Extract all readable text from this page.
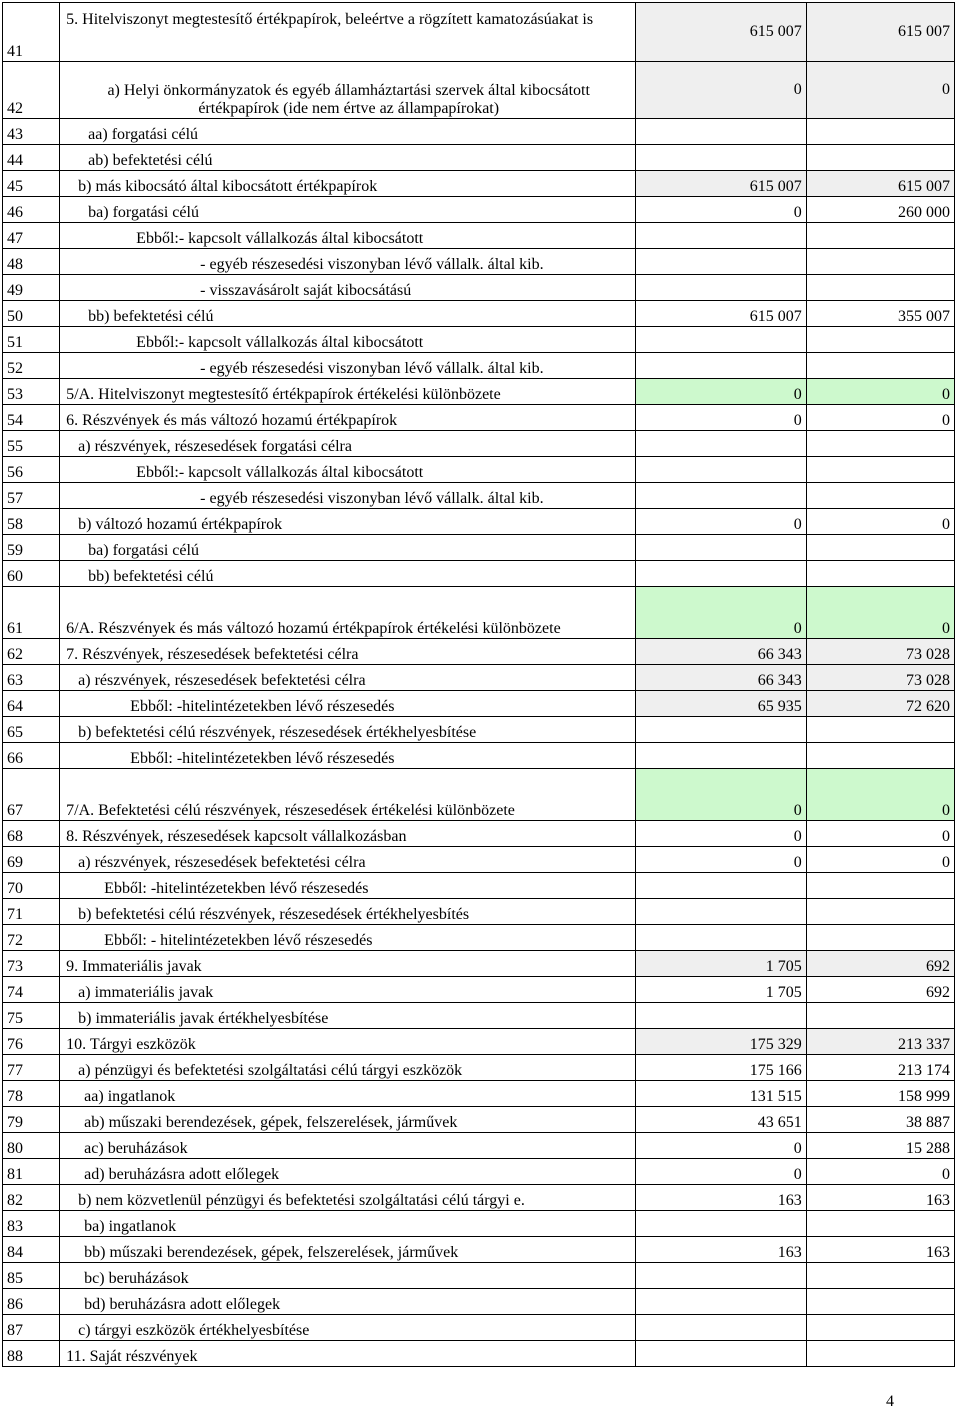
41	5. Hitelviszonyt megtestesítő értékpapírok, beleértve a rögzített kamatozásúakat is	615 007	615 007
42	a) Helyi önkormányzatok és egyéb államháztartási szervek által kibocsátott értékpapírok (ide nem értve az állampapírokat)	0	0
43	aa) forgatási célú		
44	ab) befektetési célú		
45	b) más kibocsátó által kibocsátott értékpapírok	615 007	615 007
46	ba) forgatási célú	0	260 000
47	Ebből:- kapcsolt vállalkozás által kibocsátott		
48	- egyéb részesedési viszonyban lévő vállalk. által kib.		
49	- visszavásárolt saját kibocsátású		
50	bb) befektetési célú	615 007	355 007
51	Ebből:- kapcsolt vállalkozás által kibocsátott		
52	- egyéb részesedési viszonyban lévő vállalk. által kib.		
53	5/A. Hitelviszonyt megtestesítő értékpapírok értékelési különbözete	0	0
54	6. Részvények és más változó hozamú értékpapírok	0	0
55	a) részvények, részesedések forgatási célra		
56	Ebből:- kapcsolt vállalkozás által kibocsátott		
57	- egyéb részesedési viszonyban lévő vállalk. által kib.		
58	b) változó hozamú értékpapírok	0	0
59	ba) forgatási célú		
60	bb) befektetési célú		
61	6/A. Részvények és más változó hozamú értékpapírok értékelési különbözete	0	0
62	7. Részvények, részesedések befektetési célra	66 343	73 028
63	a) részvények, részesedések befektetési célra	66 343	73 028
64	Ebből: -hitelintézetekben lévő részesedés	65 935	72 620
65	b) befektetési célú részvények, részesedések értékhelyesbítése		
66	Ebből: -hitelintézetekben lévő részesedés		
67	7/A. Befektetési célú részvények, részesedések értékelési különbözete	0	0
68	8. Részvények, részesedések kapcsolt vállalkozásban	0	0
69	a) részvények, részesedések befektetési célra	0	0
70	Ebből: -hitelintézetekben lévő részesedés		
71	b) befektetési célú részvények, részesedések értékhelyesbítés		
72	Ebből: - hitelintézetekben lévő részesedés		
73	9. Immateriális javak	1 705	692
74	a) immateriális javak	1 705	692
75	b) immateriális javak értékhelyesbítése		
76	10. Tárgyi eszközök	175 329	213 337
77	a) pénzügyi és befektetési szolgáltatási célú tárgyi eszközök	175 166	213 174
78	aa) ingatlanok	131 515	158 999
79	ab) műszaki berendezések, gépek, felszerelések, járművek	43 651	38 887
80	ac) beruházások	0	15 288
81	ad) beruházásra adott előlegek	0	0
82	b) nem közvetlenül pénzügyi és befektetési szolgáltatási célú tárgyi e.	163	163
83	ba) ingatlanok		
84	bb) műszaki berendezések, gépek, felszerelések, járművek	163	163
85	bc) beruházások		
86	bd) beruházásra adott előlegek		
87	c) tárgyi eszközök értékhelyesbítése		
88	11. Saját részvények		
4
